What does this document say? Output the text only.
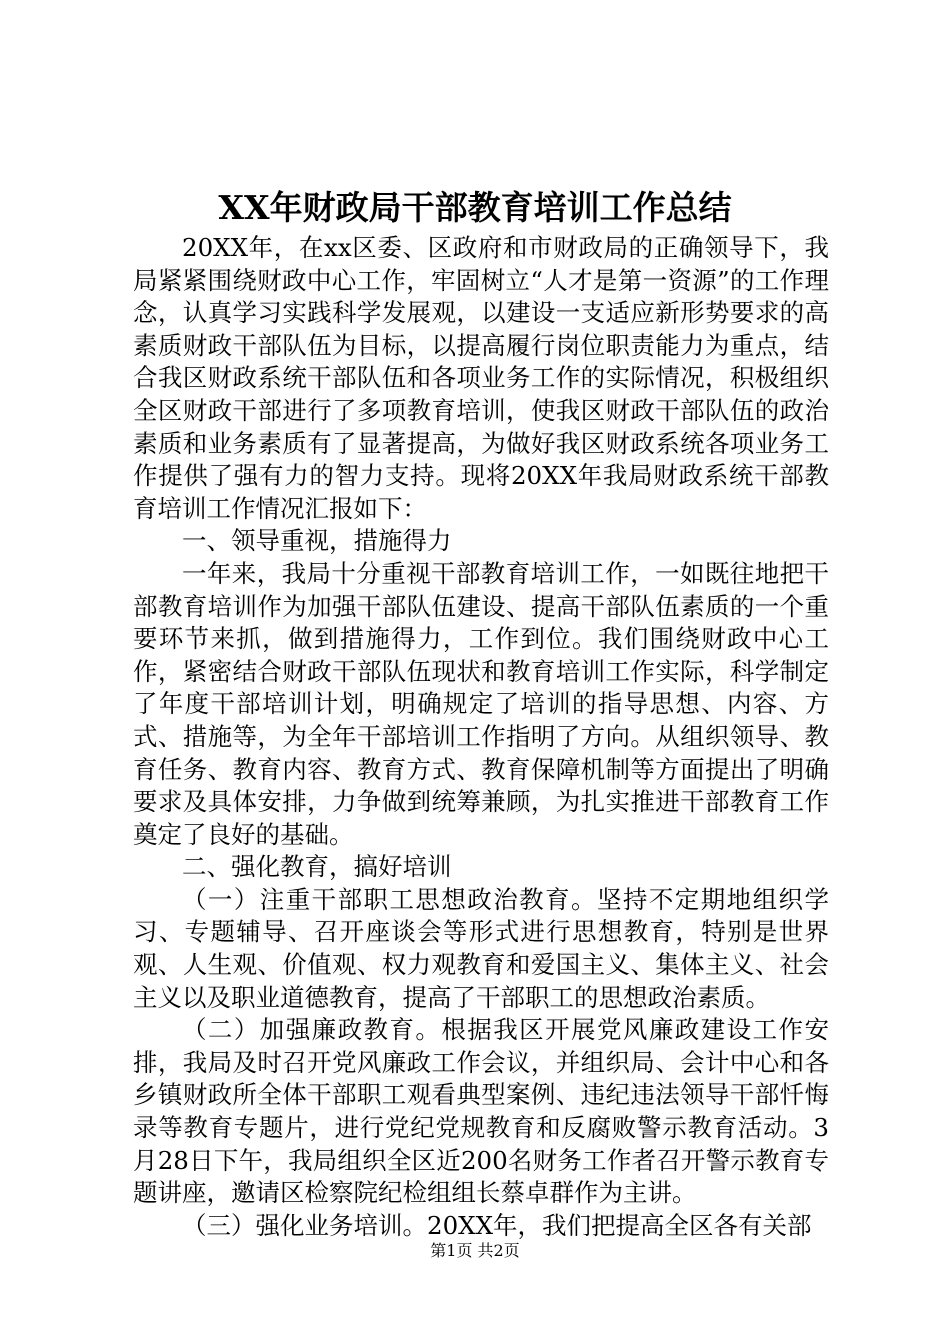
XX年财政局干部教育培训工作总结

20XX年，在xx区委、区政府和市财政局的正确领导下，我局紧紧围绕财政中心工作，牢固树立“人才是第一资源”的工作理念，认真学习实践科学发展观，以建设一支适应新形势要求的高素质财政干部队伍为目标，以提高履行岗位职责能力为重点，结合我区财政系统干部队伍和各项业务工作的实际情况，积极组织全区财政干部进行了多项教育培训，使我区财政干部队伍的政治素质和业务素质有了显著提高，为做好我区财政系统各项业务工作提供了强有力的智力支持。现将20XX年我局财政系统干部教育培训工作情况汇报如下：

一、领导重视，措施得力

一年来，我局十分重视干部教育培训工作，一如既往地把干部教育培训作为加强干部队伍建设、提高干部队伍素质的一个重要环节来抓，做到措施得力，工作到位。我们围绕财政中心工作，紧密结合财政干部队伍现状和教育培训工作实际，科学制定了年度干部培训计划，明确规定了培训的指导思想、内容、方式、措施等，为全年干部培训工作指明了方向。从组织领导、教育任务、教育内容、教育方式、教育保障机制等方面提出了明确要求及具体安排，力争做到统筹兼顾，为扎实推进干部教育工作奠定了良好的基础。

二、强化教育，搞好培训

（一）注重干部职工思想政治教育。坚持不定期地组织学习、专题辅导、召开座谈会等形式进行思想教育，特别是世界观、人生观、价值观、权力观教育和爱国主义、集体主义、社会主义以及职业道德教育，提高了干部职工的思想政治素质。

（二）加强廉政教育。根据我区开展党风廉政建设工作安排，我局及时召开党风廉政工作会议，并组织局、会计中心和各乡镇财政所全体干部职工观看典型案例、违纪违法领导干部忏悔录等教育专题片，进行党纪党规教育和反腐败警示教育活动。3月28日下午，我局组织全区近200名财务工作者召开警示教育专题讲座，邀请区检察院纪检组组长蔡卓群作为主讲。

（三）强化业务培训。20XX年，我们把提高全区各有关部

第1页 共2页
